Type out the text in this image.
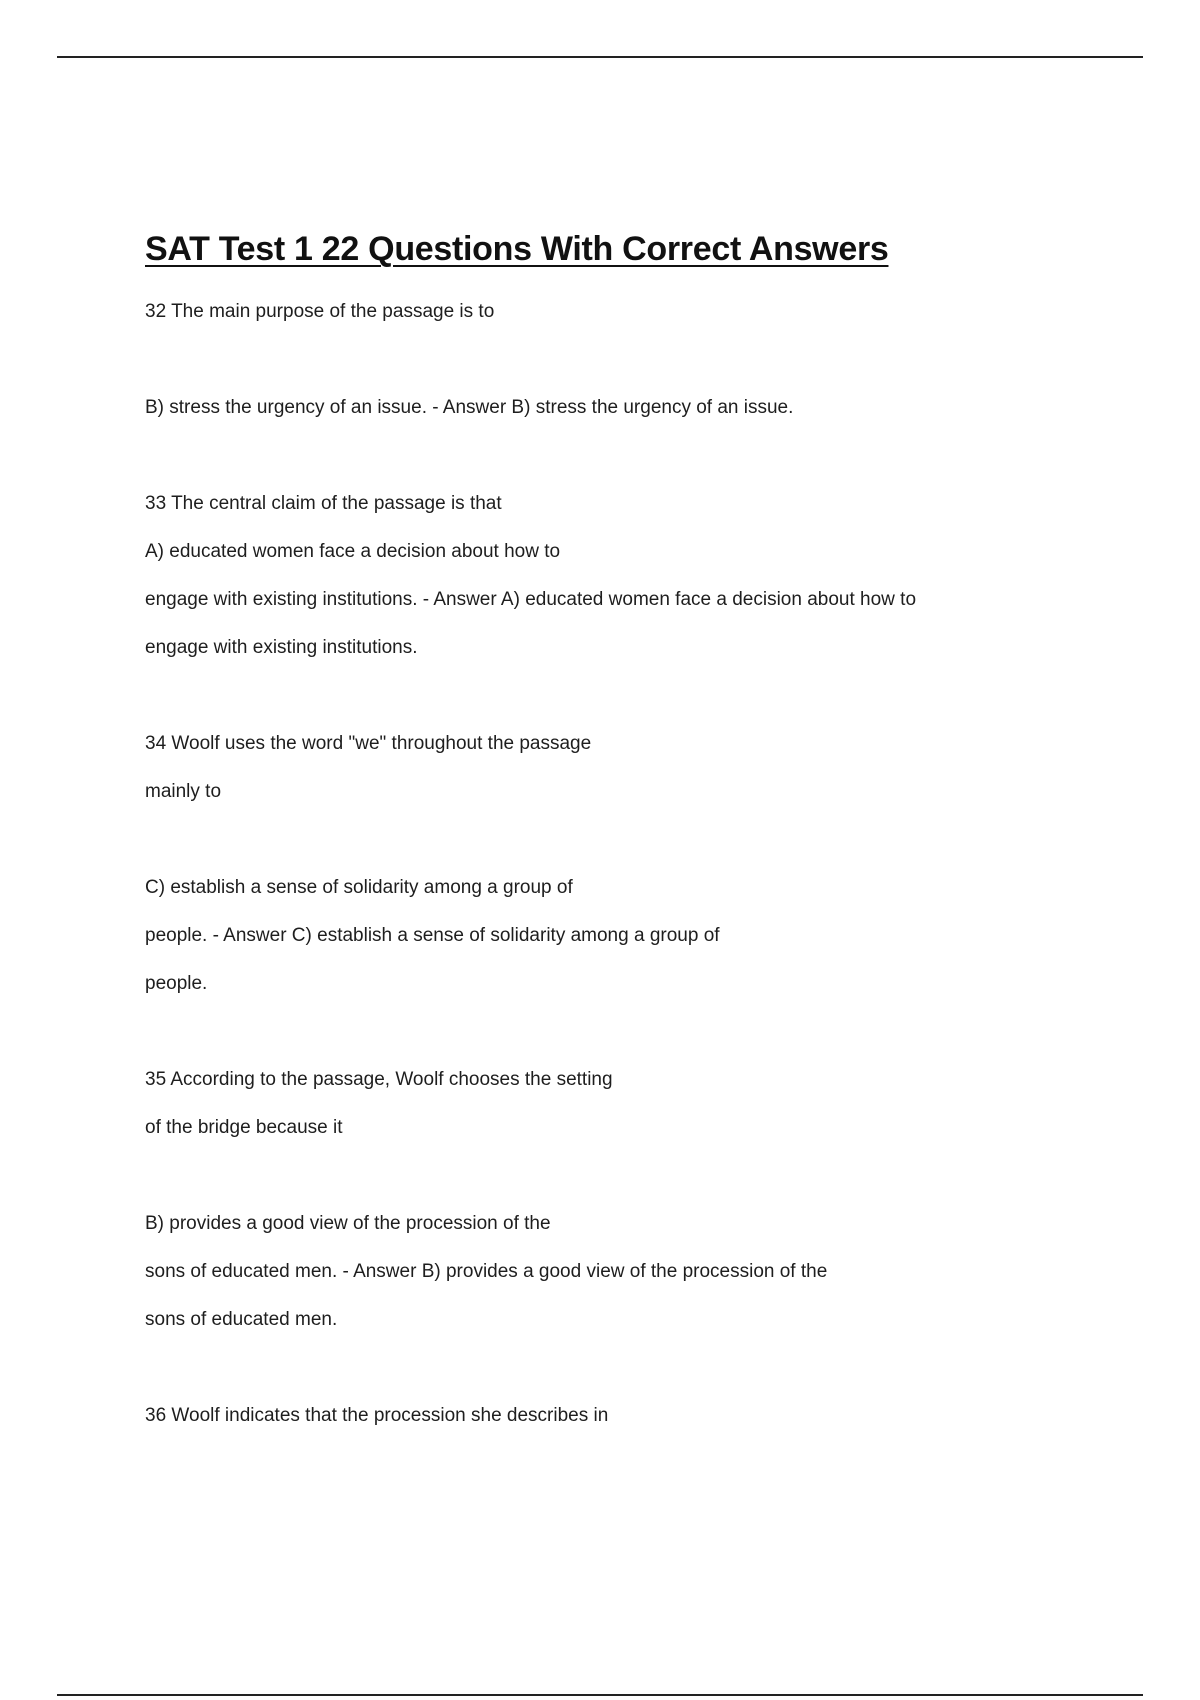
SAT Test 1 22 Questions With Correct Answers
32 The main purpose of the passage is to
B) stress the urgency of an issue. - Answer B) stress the urgency of an issue.
33 The central claim of the passage is that
A) educated women face a decision about how to
engage with existing institutions. - Answer A) educated women face a decision about how to
engage with existing institutions.
34 Woolf uses the word "we" throughout the passage
mainly to
C) establish a sense of solidarity among a group of
people. - Answer C) establish a sense of solidarity among a group of
people.
35 According to the passage, Woolf chooses the setting
of the bridge because it
B) provides a good view of the procession of the
sons of educated men. - Answer B) provides a good view of the procession of the
sons of educated men.
36 Woolf indicates that the procession she describes in
